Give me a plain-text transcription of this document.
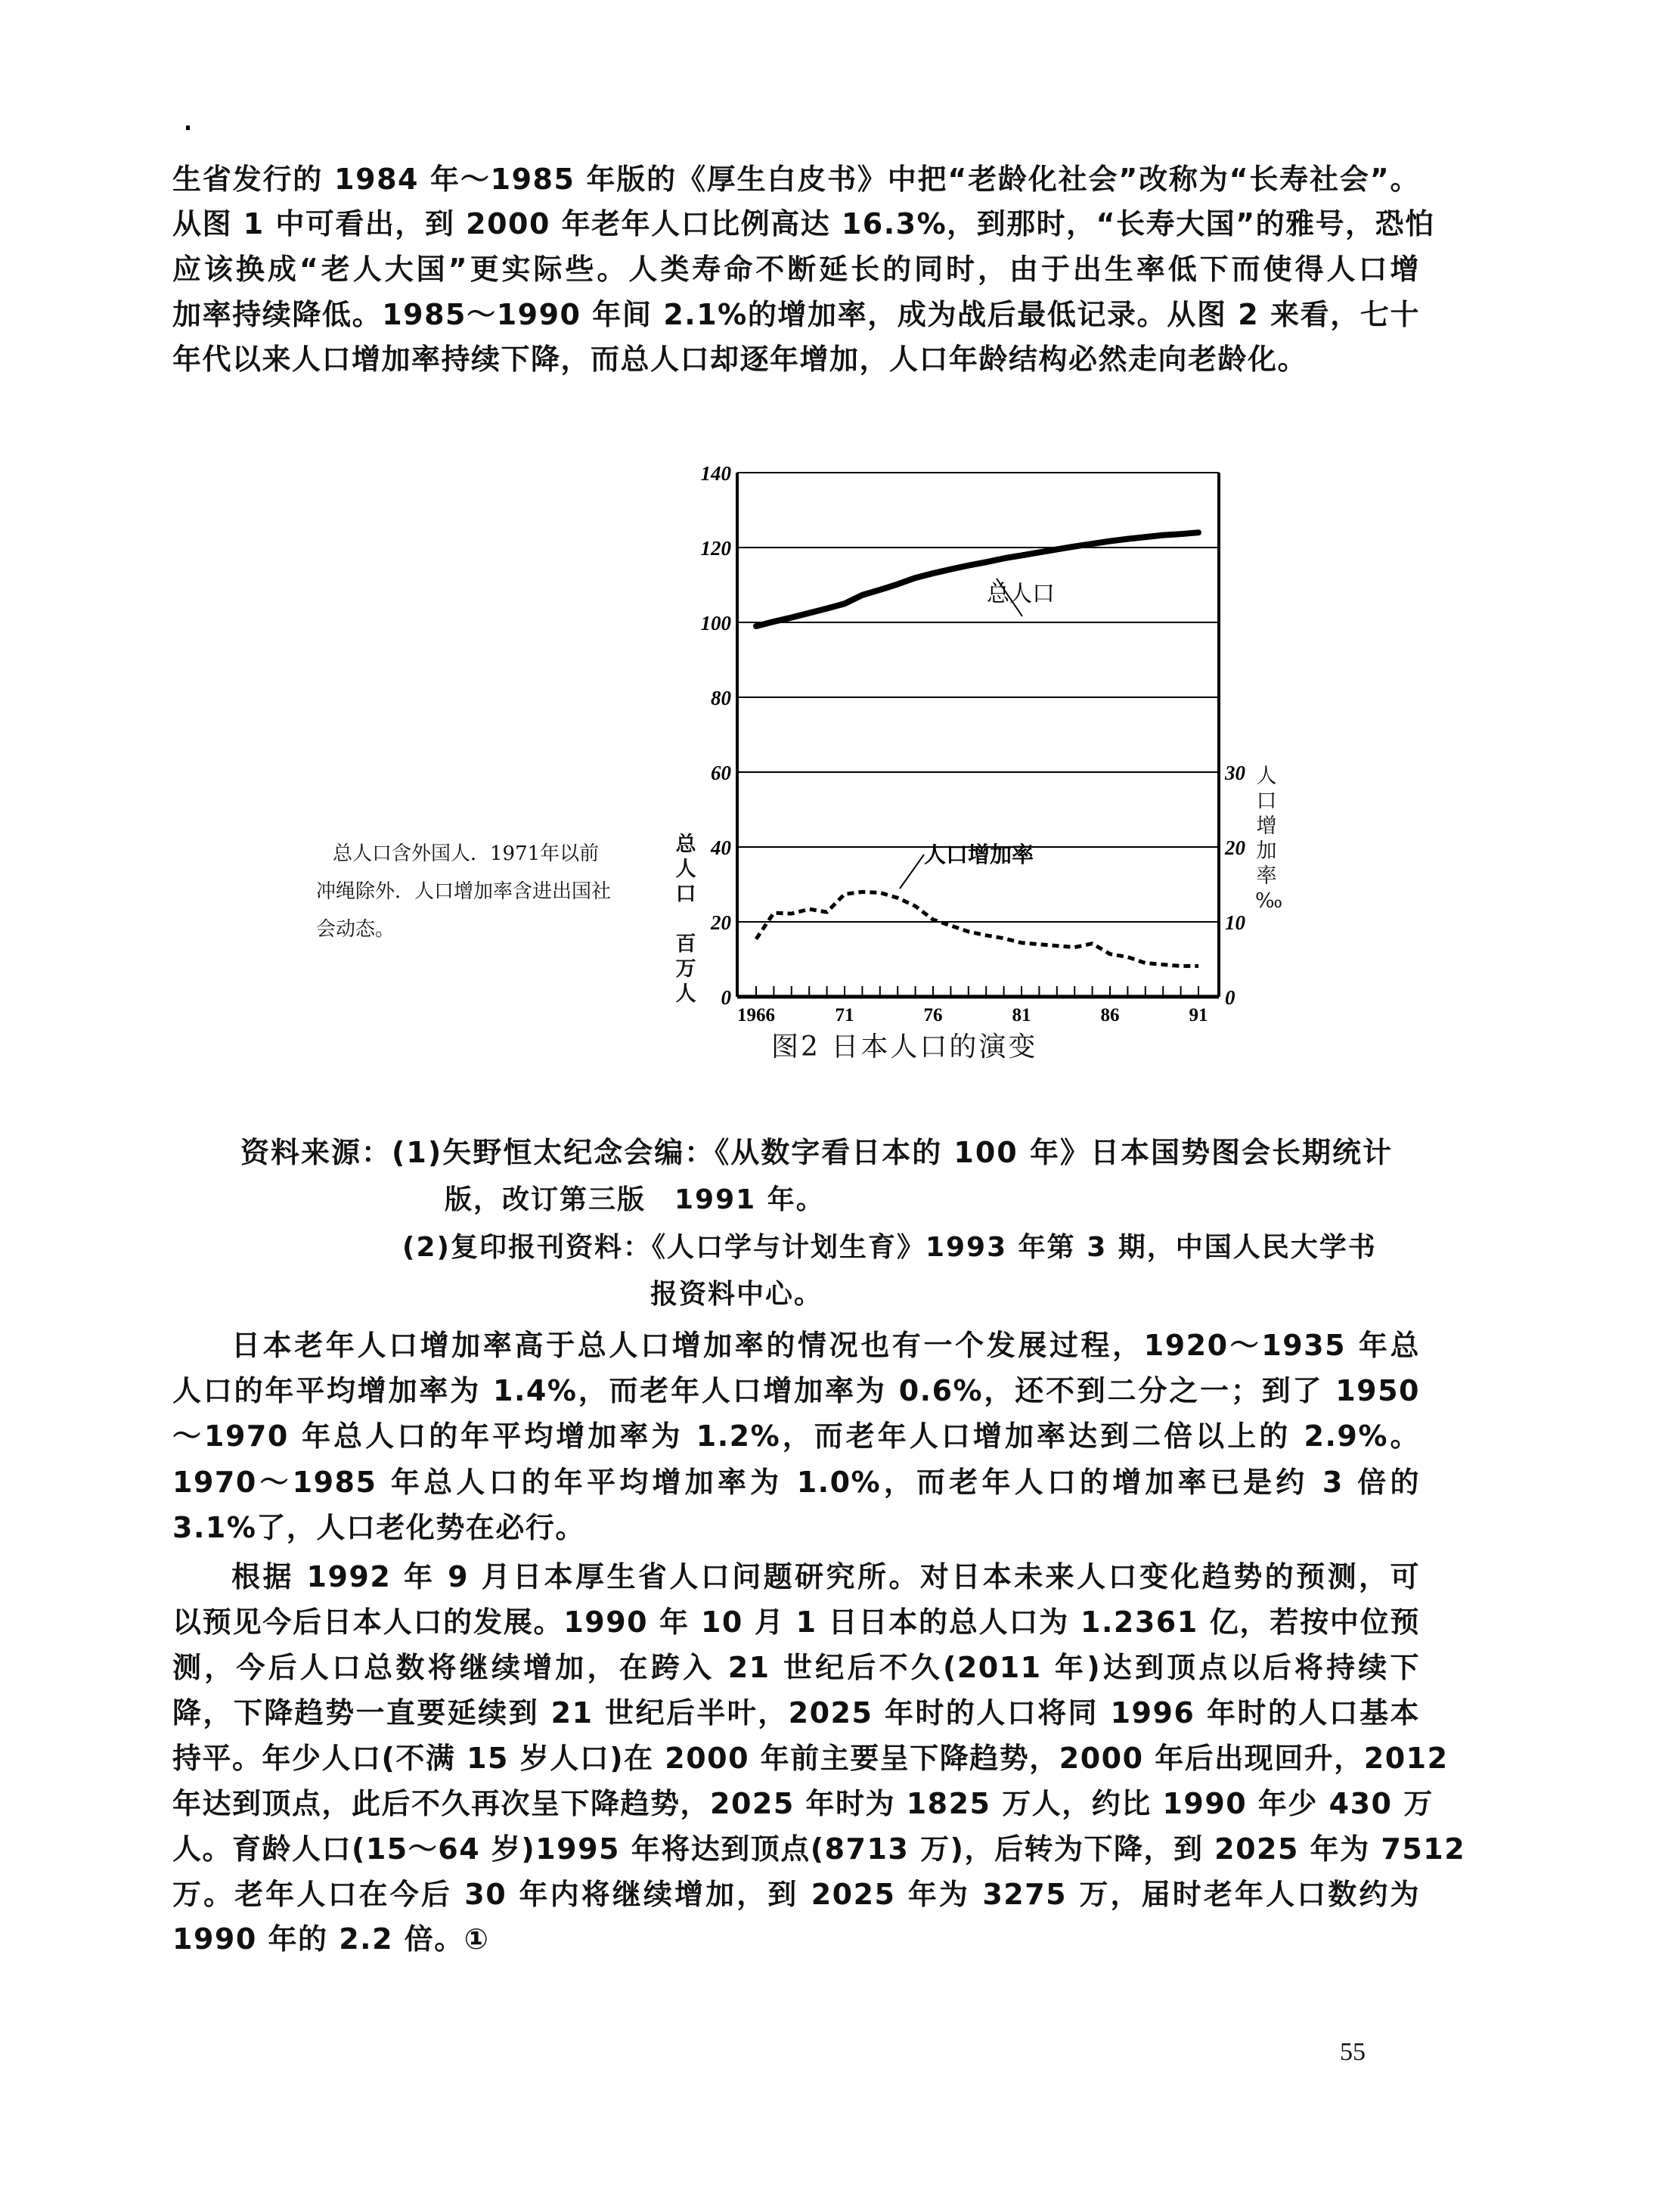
生省发行的 1984 年～1985 年版的《厚生白皮书》中把“老龄化社会”改称为“长寿社会”。
从图 1 中可看出，到 2000 年老年人口比例高达 16.3%，到那时，“长寿大国”的雅号，恐怕
应该换成“老人大国”更实际些。人类寿命不断延长的同时，由于出生率低下而使得人口增
加率持续降低。1985～1990 年间 2.1%的增加率，成为战后最低记录。从图 2 来看，七十
年代以来人口增加率持续下降，而总人口却逐年增加，人口年龄结构必然走向老龄化。
总人口含外国人．1971年以前
冲绳除外．人口增加率含进出国社
会动态。
总
人
口
百
万
人
人
口
增
加
率
‰
0
20
40
60
80
100
120
140
0
10
20
30
1966	71	76	81	86	91
总人口
人口增加率
图2 日本人口的演变
资料来源：(1)矢野恒太纪念会编：《从数字看日本的 100 年》日本国势图会长期统计
版，改订第三版　1991 年。
(2)复印报刊资料：《人口学与计划生育》1993 年第 3 期，中国人民大学书
报资料中心。
日本老年人口增加率高于总人口增加率的情况也有一个发展过程，1920～1935 年总
人口的年平均增加率为 1.4%，而老年人口增加率为 0.6%，还不到二分之一；到了 1950
～1970 年总人口的年平均增加率为 1.2%，而老年人口增加率达到二倍以上的 2.9%。
1970～1985 年总人口的年平均增加率为 1.0%，而老年人口的增加率已是约 3 倍的
3.1%了，人口老化势在必行。
根据 1992 年 9 月日本厚生省人口问题研究所。对日本未来人口变化趋势的预测，可
以预见今后日本人口的发展。1990 年 10 月 1 日日本的总人口为 1.2361 亿，若按中位预
测，今后人口总数将继续增加，在跨入 21 世纪后不久(2011 年)达到顶点以后将持续下
降，下降趋势一直要延续到 21 世纪后半叶，2025 年时的人口将同 1996 年时的人口基本
持平。年少人口(不满 15 岁人口)在 2000 年前主要呈下降趋势，2000 年后出现回升，2012
年达到顶点，此后不久再次呈下降趋势，2025 年时为 1825 万人，约比 1990 年少 430 万
人。育龄人口(15～64 岁)1995 年将达到顶点(8713 万)，后转为下降，到 2025 年为 7512
万。老年人口在今后 30 年内将继续增加，到 2025 年为 3275 万，届时老年人口数约为
1990 年的 2.2 倍。①
55
